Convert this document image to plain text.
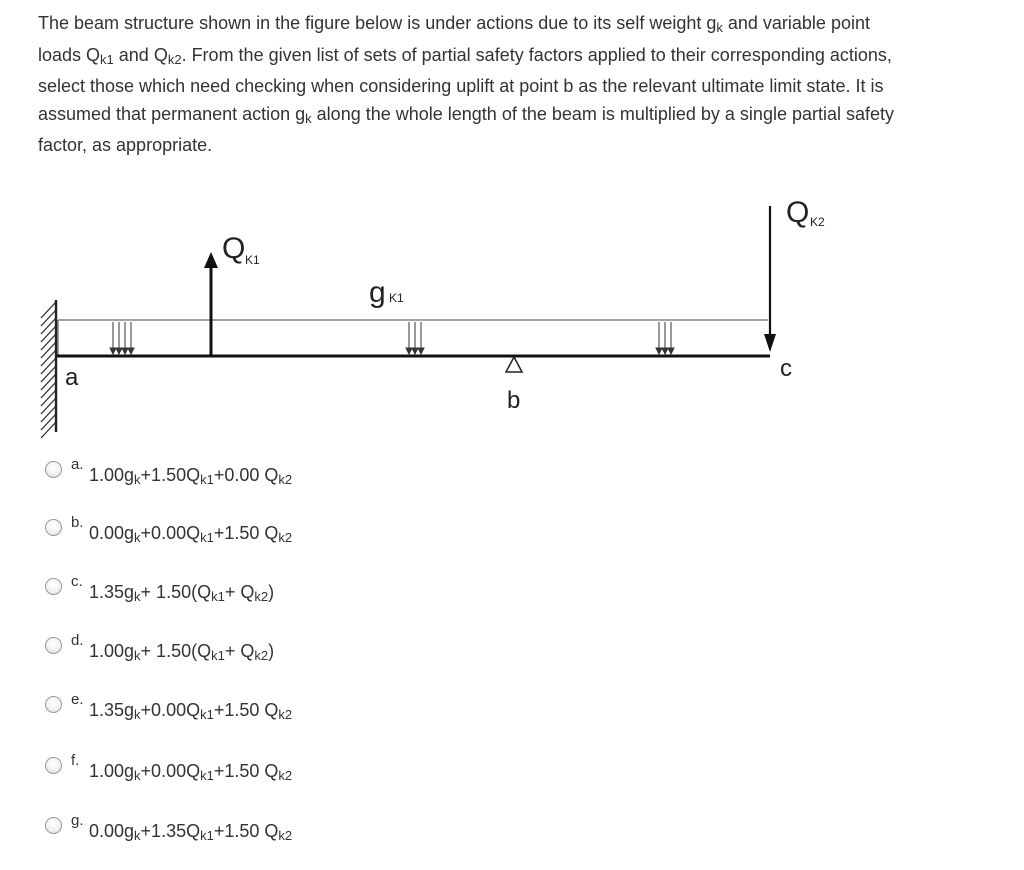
The beam structure shown in the figure below is under actions due to its self weight $g_k$ and variable point
loads $Q_{k1}$ and $Q_{k2}$. From the given list of sets of partial safety factors applied to their corresponding actions,
select those which need checking when considering uplift at point b as the relevant ultimate limit state. It is
assumed that permanent action $g_k$ along the whole length of the beam is multiplied by a single partial safety
factor, as appropriate.
Q K1
g K1
Q K2
a
b
c
a.
$1.00g_k+1.50Q_{k1}+0.00$ $Q_{k2}$
b.
$0.00g_k+0.00Q_{k1}+1.50$ $Q_{k2}$
c.
$1.35g_k+ 1.50(Q_{k1}+ Q_{k2})$
d.
$1.00g_k+ 1.50(Q_{k1}+ Q_{k2})$
e.
$1.35g_k+0.00Q_{k1}+1.50$ $Q_{k2}$
f.
$1.00g_k+0.00Q_{k1}+1.50$ $Q_{k2}$
g.
$0.00g_k+1.35Q_{k1}+1.50$ $Q_{k2}$
